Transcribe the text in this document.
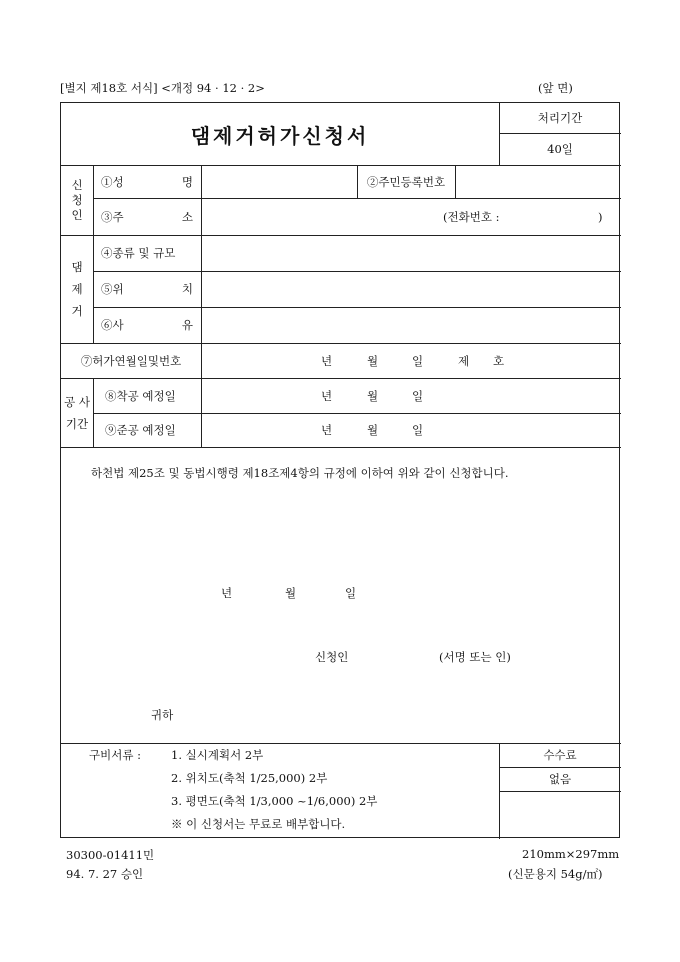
[별지 제18호 서식] <개정 94 · 12 · 2>	(앞 면)
댐제거허가신청서
처리기간
40일
신
청
인
①성	명	②주민등록번호
③주	소	(전화번호 :	)
댐
제
거
④종류 및 규모
⑤위	치
⑥사	유
⑦허가연월일및번호	년	월	일	제 호
공 사
기간
⑧착공 예정일	년	월	일
⑨준공 예정일	년	월	일
하천법 제25조 및 동법시행령 제18조제4항의 규정에 이하여 위와 같이 신청합니다.
년	월	일
신청인	(서명 또는 인)
귀하
구비서류 :	1. 실시계획서 2부
2. 위치도(축척 1/25,000) 2부
3. 평면도(축척 1/3,000 ~1/6,000) 2부
※ 이 신청서는 무료로 배부합니다.
수수료
없음
30300-01411민
94. 7. 27 승인
210mm×297mm
(신문용지 54g/㎡)
